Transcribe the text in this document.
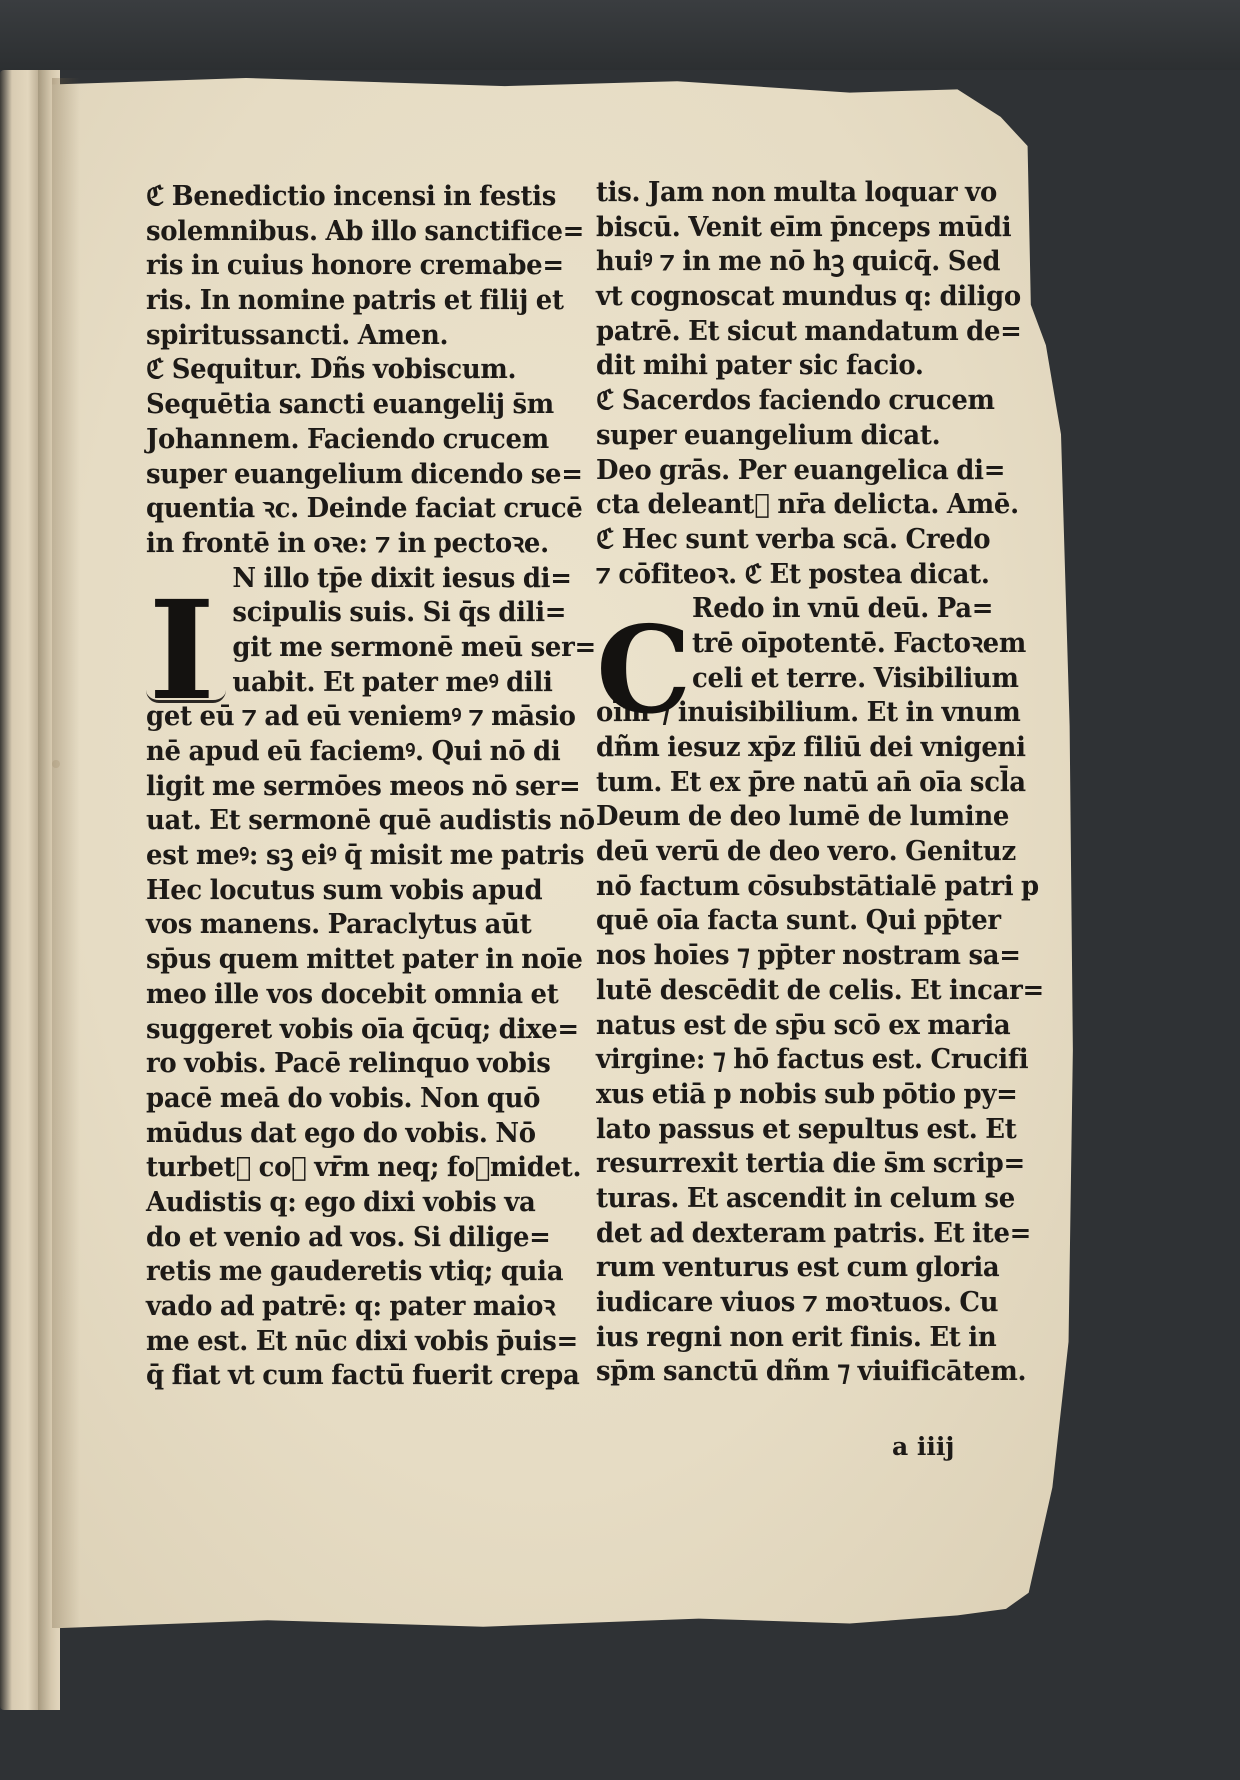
ℭ Benedictio incensi in festis
solemnibus. Ab illo sanctifice=
ris in cuius honore cremabe=
ris. In nomine patris et filij et
spiritussancti. Amen.
ℭ Sequitur. Dñs vobiscum.
Sequētia sancti euangelij s̄m
Johannem. Faciendo crucem
super euangelium dicendo se=
quentia ꝛc. Deinde faciat crucē
in frontē in oꝛe: ⁊ in pectoꝛe.
N illo tp̄e dixit iesus di=
scipulis suis. Si q̄s dili=
git me sermonē meū ser=
uabit. Et pater meꝰ dili
get eū ⁊ ad eū veniemꝰ ⁊ māsio
nē apud eū faciemꝰ. Qui nō di
ligit me sermōes meos nō ser=
uat. Et sermonē quē audistis nō
est meꝰ: sꝫ eiꝰ q̄ misit me patris
Hec locutus sum vobis apud
vos manens. Paraclytus aūt
sp̄us quem mittet pater in noīe
meo ille vos docebit omnia et
suggeret vobis oīa q̄cūq; dixe=
ro vobis. Pacē relinquo vobis
pacē meā do vobis. Non quō
mūdus dat ego do vobis. Nō
turbetᷣ coꝛ vr̄m neq; foꝛmidet.
Audistis q: ego dixi vobis va
do et venio ad vos. Si dilige=
retis me gauderetis vtiq; quia
vado ad patrē: q: pater maioꝛ
me est. Et nūc dixi vobis p̄uis=
q̄ fiat vt cum factū fuerit crepa
tis. Jam non multa loquar vo
biscū. Venit eīm p̄nceps mūdi
huiꝰ ⁊ in me nō hꝫ quicq̄. Sed
vt cognoscat mundus q: diligo
patrē. Et sicut mandatum de=
dit mihi pater sic facio.
ℭ Sacerdos faciendo crucem
super euangelium dicat.
Deo grās. Per euangelica di=
cta deleantᷣ nr̄a delicta. Amē.
ℭ Hec sunt verba scā. Credo
⁊ cōfiteoꝛ. ℭ Et postea dicat.
Redo in vnū deū. Pa=
trē oīpotentē. Factoꝛem
celi et terre. Visibilium
oīm ⁊ inuisibilium. Et in vnum
dñm iesuz xp̄z filiū dei vnigeni
tum. Et ex p̄re natū an̄ oīa scl̄a
Deum de deo lumē de lumine
deū verū de deo vero. Genituz
nō factum cōsubstātialē patri p
quē oīa facta sunt. Qui pp̄ter
nos hoīes ⁊ pp̄ter nostram sa=
lutē descēdit de celis. Et incar=
natus est de sp̄u scō ex maria
virgine: ⁊ hō factus est. Crucifi
xus etiā p nobis sub pōtio py=
lato passus et sepultus est. Et
resurrexit tertia die s̄m scrip=
turas. Et ascendit in celum se
det ad dexteram patris. Et ite=
rum venturus est cum gloria
iudicare viuos ⁊ moꝛtuos. Cu
ius regni non erit finis. Et in
sp̄m sanctū dñm ⁊ viuificātem.
I	C
a iiij
